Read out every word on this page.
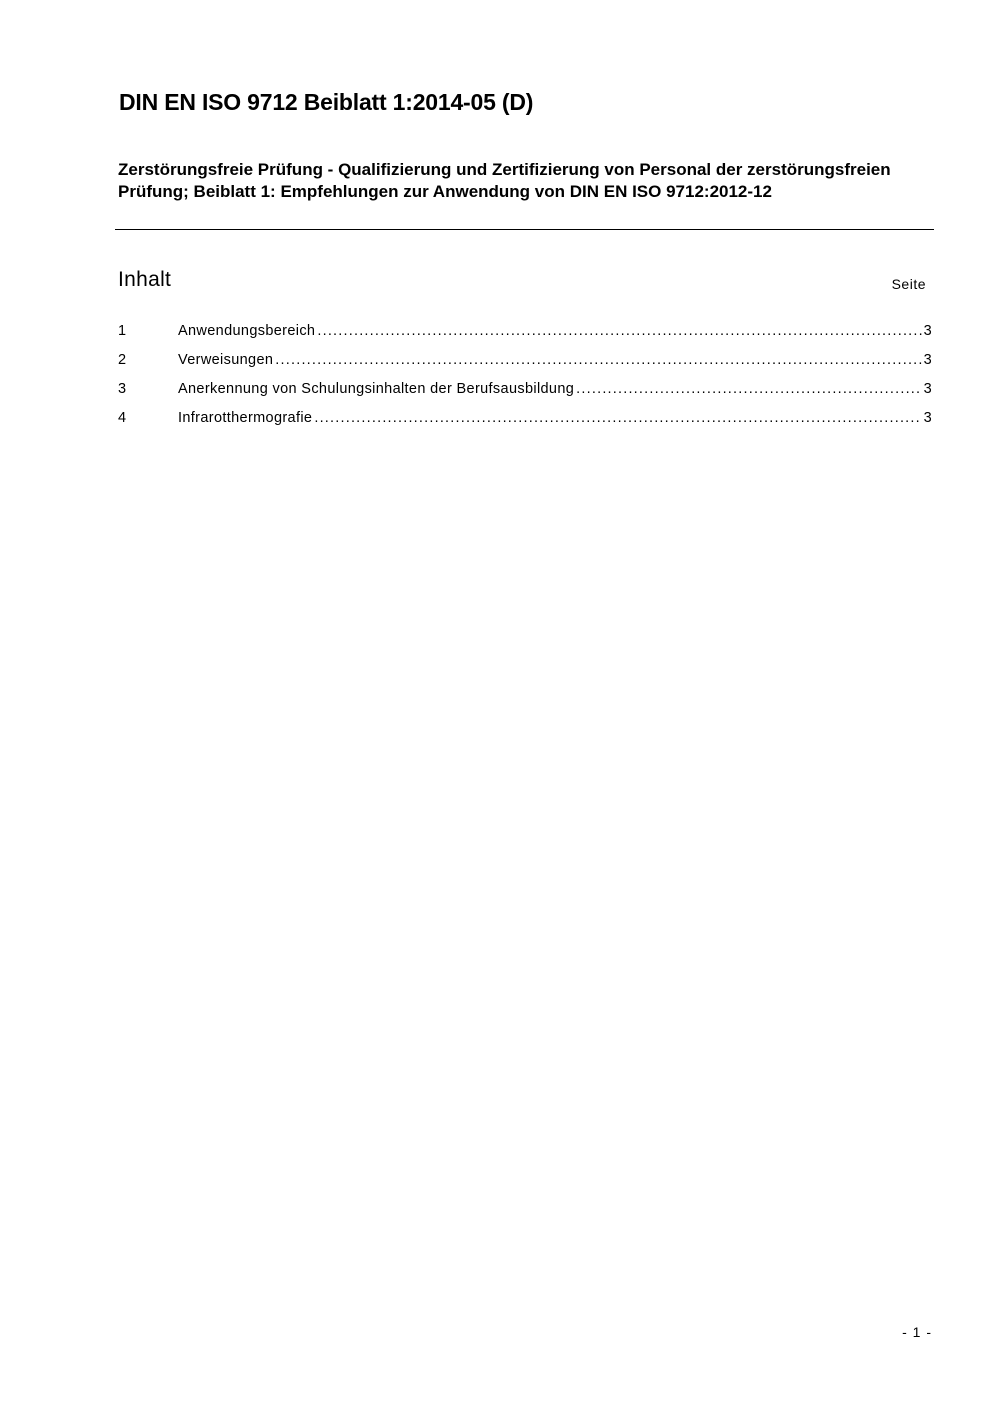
DIN EN ISO 9712 Beiblatt 1:2014-05 (D)
Zerstörungsfreie Prüfung - Qualifizierung und Zertifizierung von Personal der zerstörungsfreien Prüfung; Beiblatt 1: Empfehlungen zur Anwendung von DIN EN ISO 9712:2012-12
Inhalt	Seite
1	Anwendungsbereich .....	3
2	Verweisungen .....	3
3	Anerkennung von Schulungsinhalten der Berufsausbildung .....	3
4	Infrarotthermografie .....	3
- 1 -
